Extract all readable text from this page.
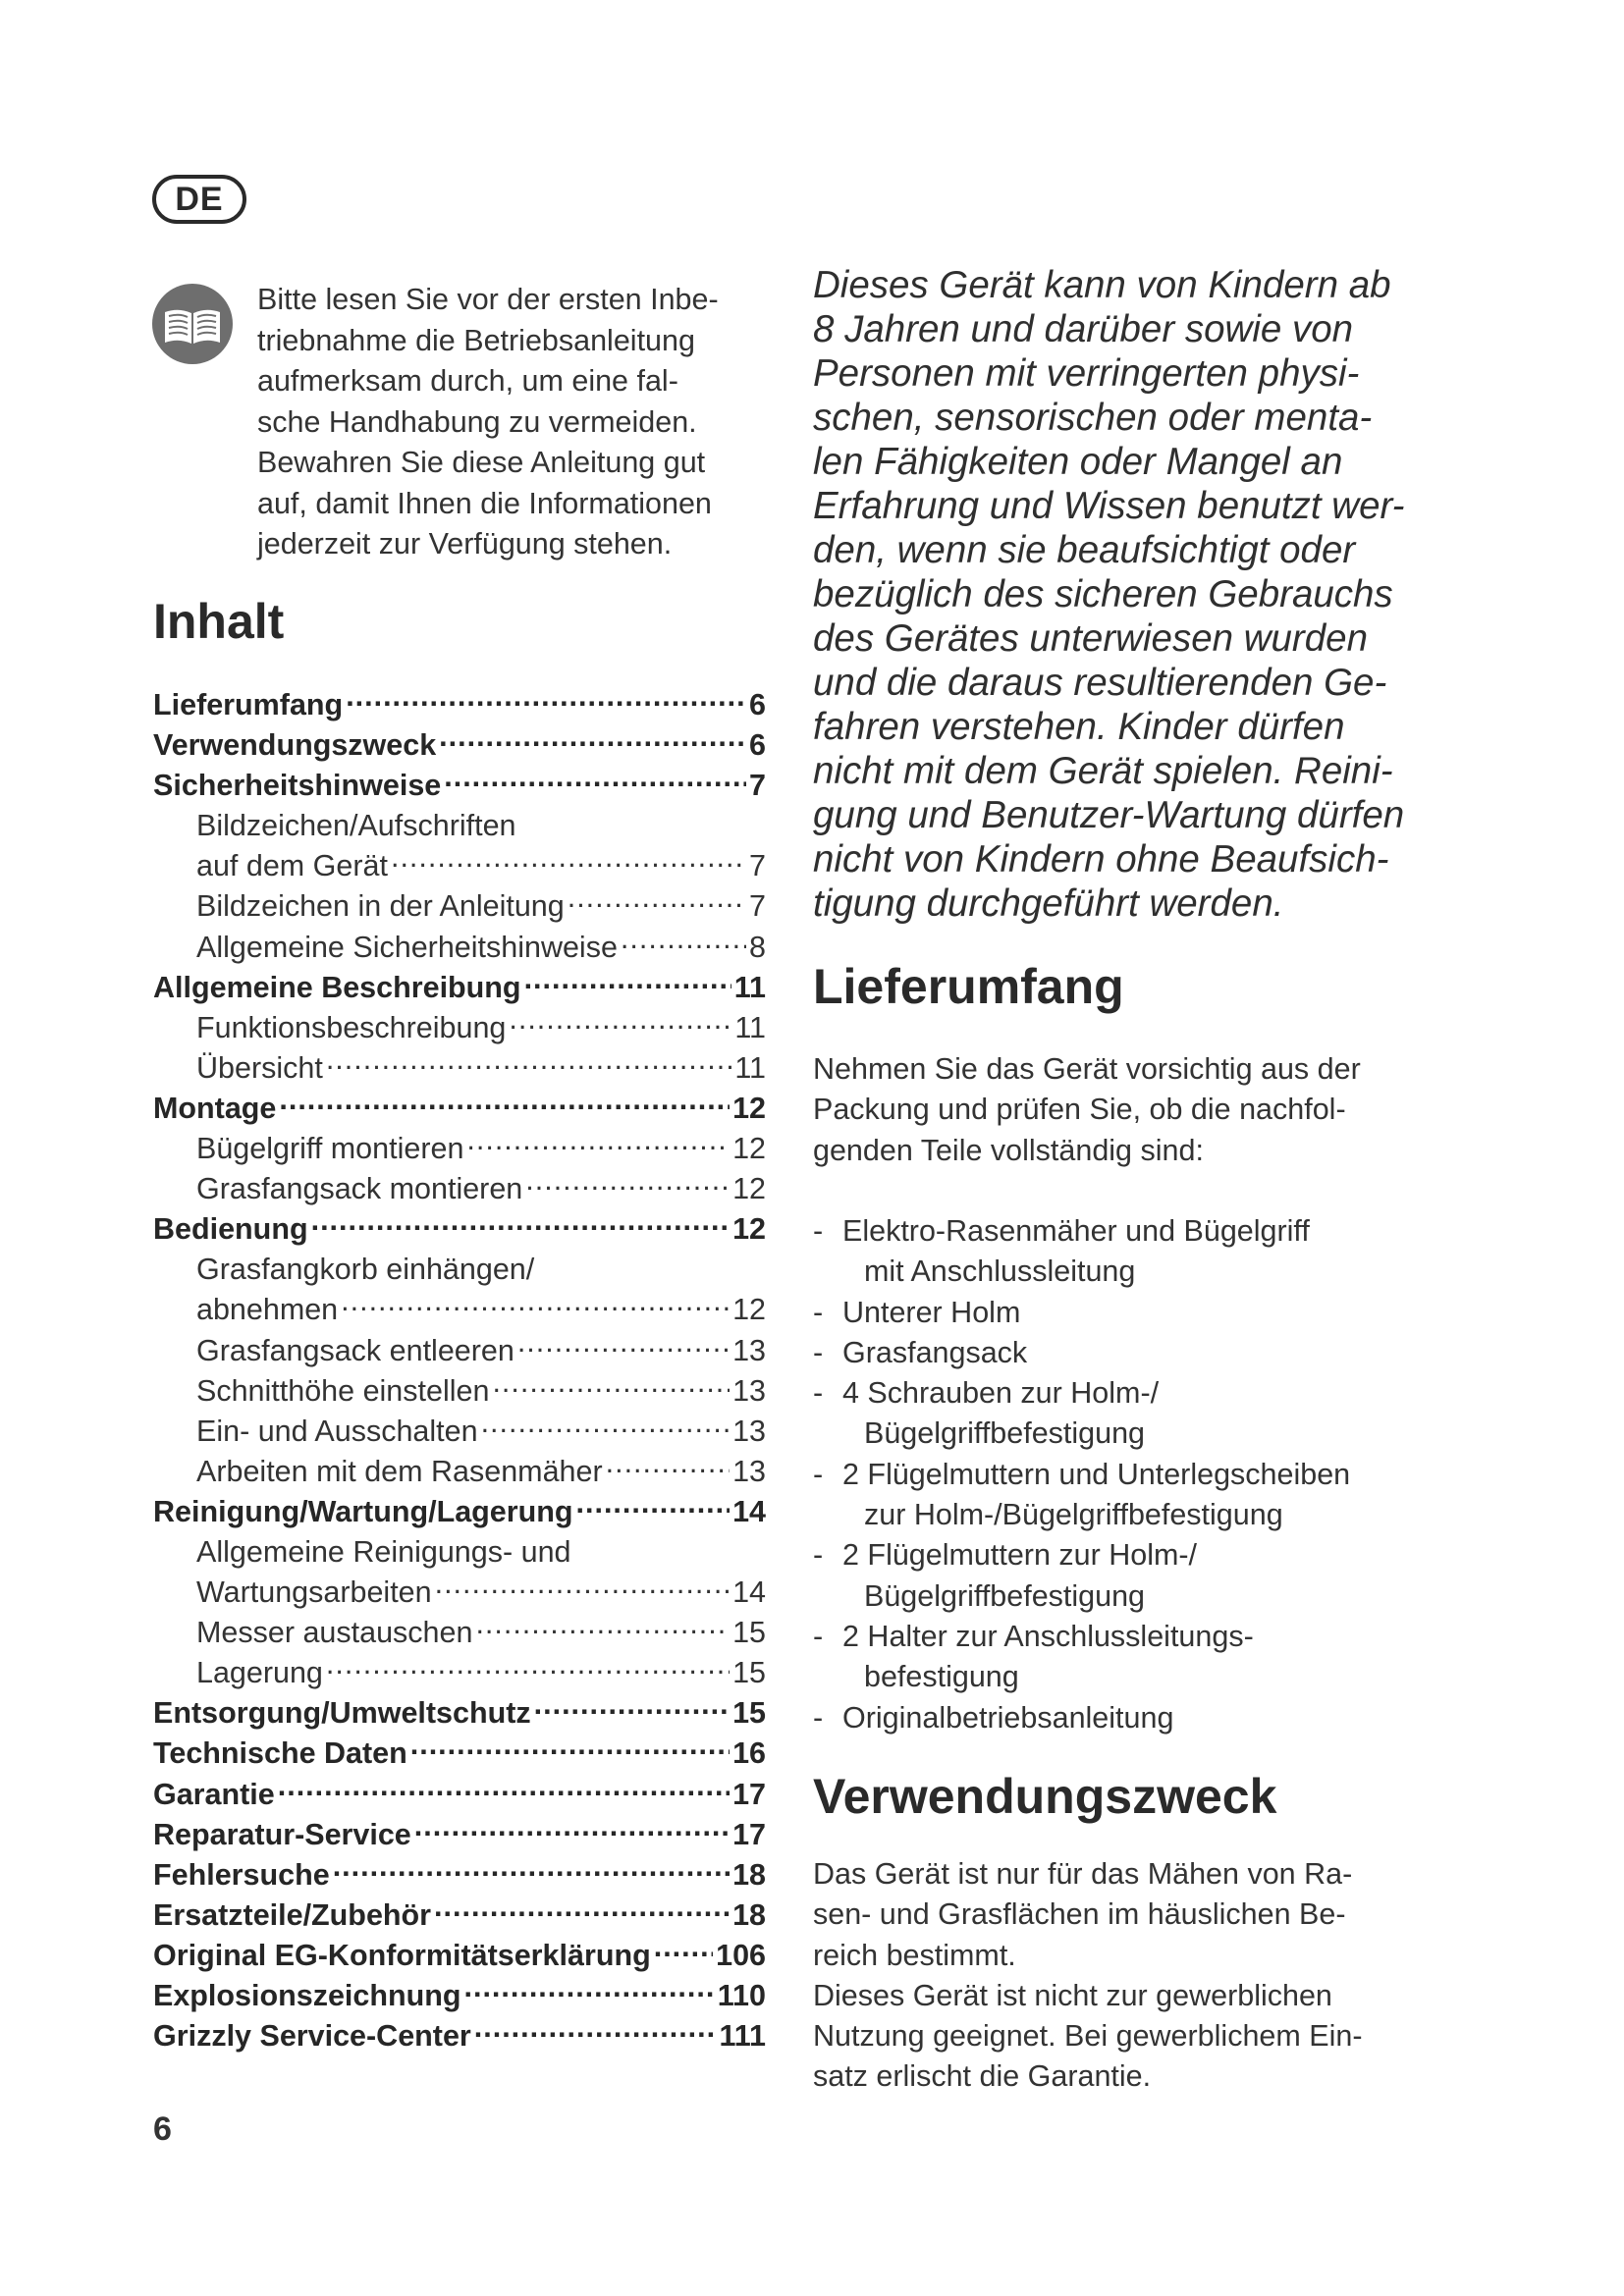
DE
Bitte lesen Sie vor der ersten Inbe-
triebnahme die Betriebsanleitung
aufmerksam durch, um eine fal-
sche Handhabung zu vermeiden.
Bewahren Sie diese Anleitung gut
auf, damit Ihnen die Informationen
jederzeit zur Verfügung stehen.
Inhalt
Lieferumfang .....	6
Verwendungszweck .....	6
Sicherheitshinweise .....	7
Bildzeichen/Aufschriften
auf dem Gerät .....	7
Bildzeichen in der Anleitung .....	7
Allgemeine Sicherheitshinweise .....	8
Allgemeine Beschreibung .....	11
Funktionsbeschreibung .....	11
Übersicht .....	11
Montage .....	12
Bügelgriff montieren .....	12
Grasfangsack montieren .....	12
Bedienung .....	12
Grasfangkorb einhängen/
abnehmen .....	12
Grasfangsack entleeren .....	13
Schnitthöhe einstellen .....	13
Ein- und Ausschalten .....	13
Arbeiten mit dem Rasenmäher .....	13
Reinigung/Wartung/Lagerung .....	14
Allgemeine Reinigungs- und
Wartungsarbeiten .....	14
Messer austauschen .....	15
Lagerung .....	15
Entsorgung/Umweltschutz .....	15
Technische Daten .....	16
Garantie .....	17
Reparatur-Service .....	17
Fehlersuche .....	18
Ersatzteile/Zubehör .....	18
Original EG-Konformitätserklärung ..... 106
Explosionszeichnung .....	110
Grizzly Service-Center .....	111
6
Dieses Gerät kann von Kindern ab
8 Jahren und darüber sowie von
Personen mit verringerten physi-
schen, sensorischen oder menta-
len Fähigkeiten oder Mangel an
Erfahrung und Wissen benutzt wer-
den, wenn sie beaufsichtigt oder
bezüglich des sicheren Gebrauchs
des Gerätes unterwiesen wurden
und die daraus resultierenden Ge-
fahren verstehen. Kinder dürfen
nicht mit dem Gerät spielen. Reini-
gung und Benutzer-Wartung dürfen
nicht von Kindern ohne Beaufsich-
tigung durchgeführt werden.
Lieferumfang
Nehmen Sie das Gerät vorsichtig aus der
Packung und prüfen Sie, ob die nachfol-
genden Teile vollständig sind:
- Elektro-Rasenmäher und Bügelgriff
mit Anschlussleitung
- Unterer Holm
- Grasfangsack
- 4 Schrauben zur Holm-/
Bügelgriffbefestigung
- 2 Flügelmuttern und Unterlegscheiben
zur Holm-/Bügelgriffbefestigung
- 2 Flügelmuttern zur Holm-/
Bügelgriffbefestigung
- 2 Halter zur Anschlussleitungs-
befestigung
- Originalbetriebsanleitung
Verwendungszweck
Das Gerät ist nur für das Mähen von Ra-
sen- und Grasflächen im häuslichen Be-
reich bestimmt.
Dieses Gerät ist nicht zur gewerblichen
Nutzung geeignet. Bei gewerblichem Ein-
satz erlischt die Garantie.
